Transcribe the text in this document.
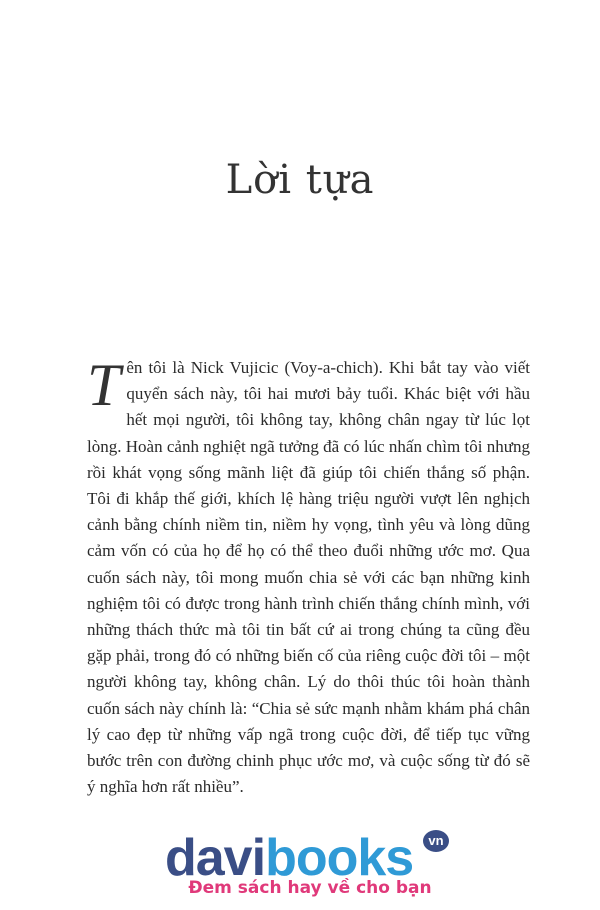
Lời tựa
Tên tôi là Nick Vujicic (Voy-a-chich). Khi bắt tay vào viết quyển sách này, tôi hai mươi bảy tuổi. Khác biệt với hầu hết mọi người, tôi không tay, không chân ngay từ lúc lọt lòng. Hoàn cảnh nghiệt ngã tưởng đã có lúc nhấn chìm tôi nhưng rồi khát vọng sống mãnh liệt đã giúp tôi chiến thắng số phận. Tôi đi khắp thế giới, khích lệ hàng triệu người vượt lên nghịch cảnh bằng chính niềm tin, niềm hy vọng, tình yêu và lòng dũng cảm vốn có của họ để họ có thể theo đuổi những ước mơ. Qua cuốn sách này, tôi mong muốn chia sẻ với các bạn những kinh nghiệm tôi có được trong hành trình chiến thắng chính mình, với những thách thức mà tôi tin bất cứ ai trong chúng ta cũng đều gặp phải, trong đó có những biến cố của riêng cuộc đời tôi – một người không tay, không chân. Lý do thôi thúc tôi hoàn thành cuốn sách này chính là: “Chia sẻ sức mạnh nhằm khám phá chân lý cao đẹp từ những vấp ngã trong cuộc đời, để tiếp tục vững bước trên con đường chinh phục ước mơ, và cuộc sống từ đó sẽ ý nghĩa hơn rất nhiều”.
davibooks	vn
Đem sách hay về cho bạn
